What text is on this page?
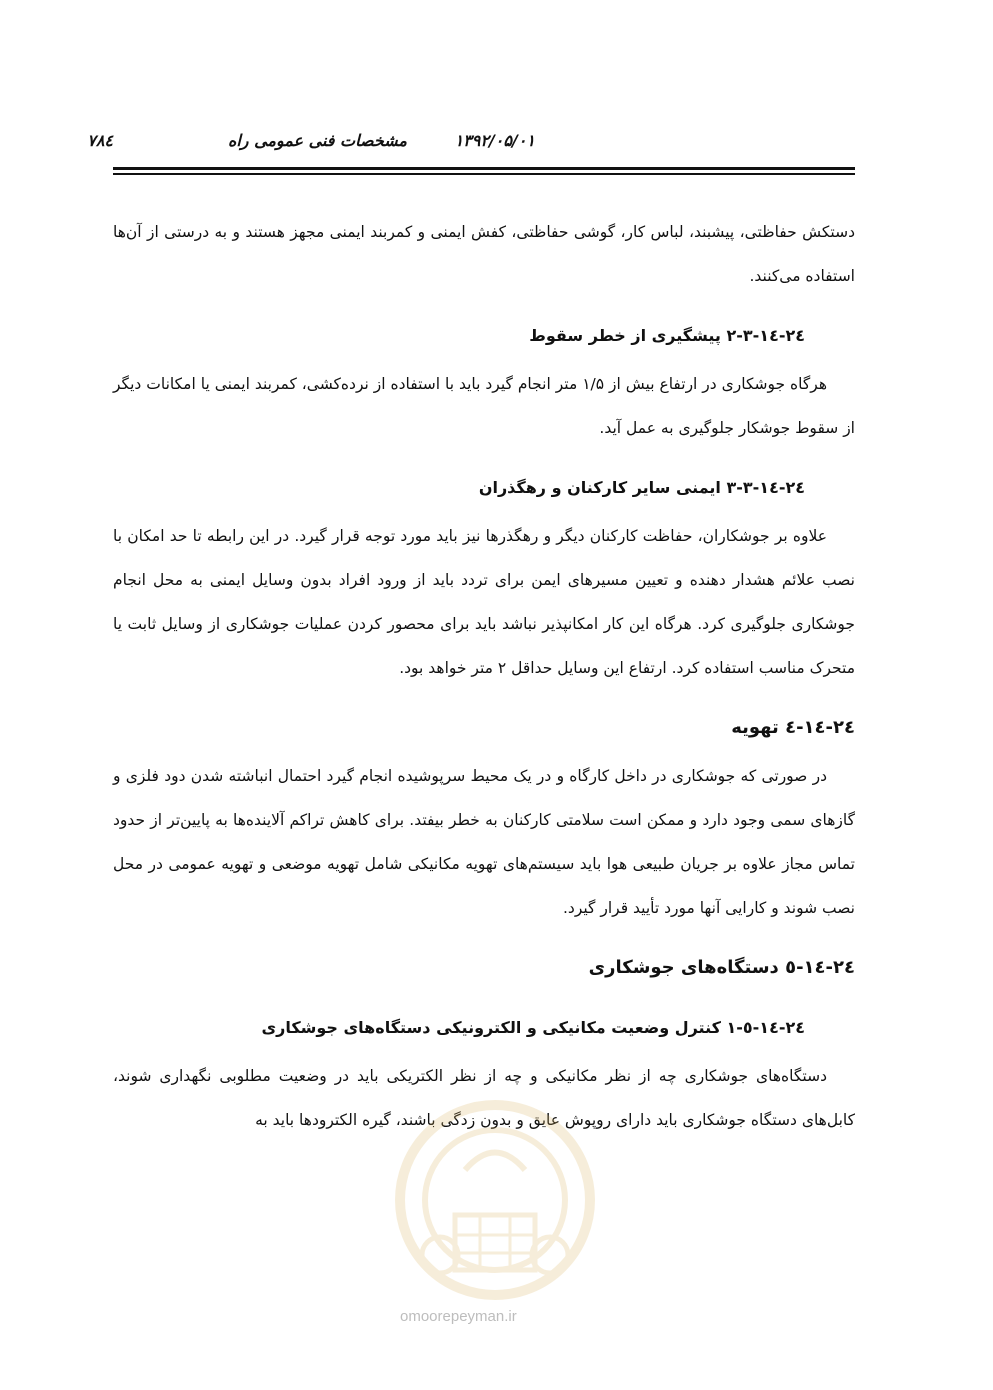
مشخصات فنی عمومی راه	۱۳۹۲/۰۵/۰۱
۷۸٤

دستکش حفاظتی، پیشبند، لباس کار، گوشی حفاظتی، کفش ایمنی و کمربند ایمنی مجهز هستند و به درستی از آن‌ها استفاده می‌کنند.

٢٤-١٤-٣-٢ پیشگیری از خطر سقوط

هرگاه جوشکاری در ارتفاع بیش از ۱/۵ متر انجام گیرد باید با استفاده از نرده‌کشی، کمربند ایمنی یا امکانات دیگر از سقوط جوشکار جلوگیری به عمل آید.

٢٤-١٤-٣-٣ ایمنی سایر کارکنان و رهگذران

علاوه بر جوشکاران، حفاظت کارکنان دیگر و رهگذرها نیز باید مورد توجه قرار گیرد. در این رابطه تا حد امکان با نصب علائم هشدار دهنده و تعیین مسیرهای ایمن برای تردد باید از ورود افراد بدون وسایل ایمنی به محل انجام جوشکاری جلوگیری کرد. هرگاه این کار امکانپذیر نباشد باید برای محصور کردن عملیات جوشکاری از وسایل ثابت یا متحرک مناسب استفاده کرد. ارتفاع این وسایل حداقل ۲ متر خواهد بود.

٢٤-١٤-٤ تهویه

در صورتی که جوشکاری در داخل کارگاه و در یک محیط سرپوشیده انجام گیرد احتمال انباشته شدن دود فلزی و گازهای سمی وجود دارد و ممکن است سلامتی کارکنان به خطر بیفتد. برای کاهش تراکم آلاینده‌ها به پایین‌تر از حدود تماس مجاز علاوه بر جریان طبیعی هوا باید سیستم‌های تهویه مکانیکی شامل تهویه موضعی و تهویه عمومی در محل نصب شوند و کارایی آنها مورد تأیید قرار گیرد.

٢٤-١٤-٥ دستگاه‌های جوشکاری

٢٤-١٤-٥-١ کنترل وضعیت مکانیکی و الکترونیکی دستگاه‌های جوشکاری

دستگاه‌های جوشکاری چه از نظر مکانیکی و چه از نظر الکتریکی باید در وضعیت مطلوبی نگهداری شوند، کابل‌های دستگاه جوشکاری باید دارای روپوش عایق و بدون زدگی باشند، گیره الکترودها باید به

omoorepeyman.ir
